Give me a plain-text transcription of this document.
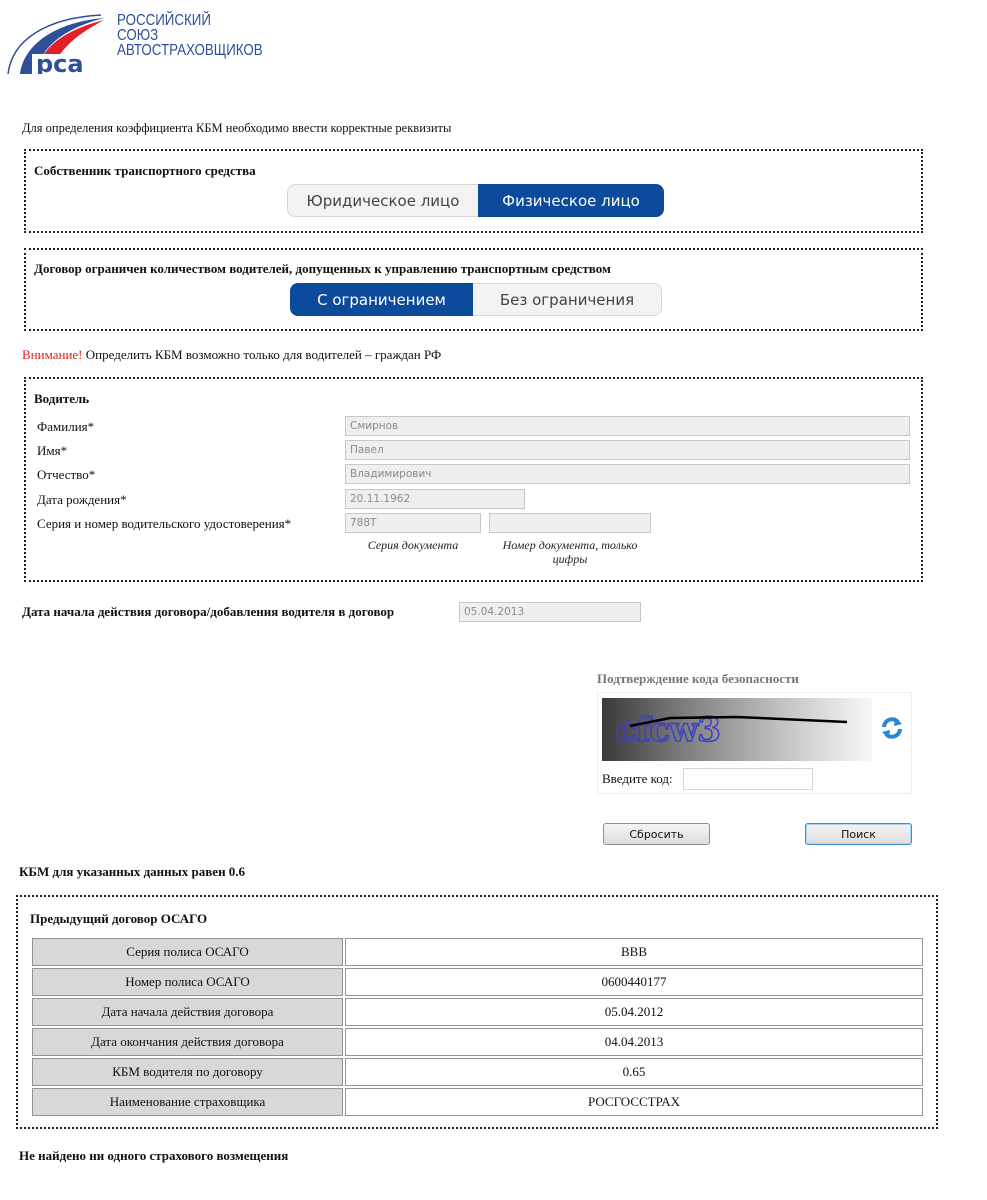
рса
РОССИЙСКИЙ
СОЮЗ
АВТОСТРАХОВЩИКОВ
Для определения коэффициента КБМ необходимо ввести корректные реквизиты
Собственник транспортного средства
Юридическое лицо	Физическое лицо
Договор ограничен количеством водителей, допущенных к управлению транспортным средством
С ограничением	Без ограничения
Внимание! Определить КБМ возможно только для водителей – граждан РФ
Водитель
Фамилия*	Смирнов
Имя*	Павел
Отчество*	Владимирович
Дата рождения*	20.11.1962
Серия и номер водительского удостоверения*	788T
Серия документа	Номер документа, только цифры
Дата начала действия договора/добавления водителя в договор	05.04.2013
Подтверждение кода безопасности
cfcw3
Введите код:
Сбросить	Поиск
КБМ для указанных данных равен 0.6
Предыдущий договор ОСАГО
Серия полиса ОСАГО	BBB
Номер полиса ОСАГО	0600440177
Дата начала действия договора	05.04.2012
Дата окончания действия договора	04.04.2013
КБМ водителя по договору	0.65
Наименование страховщика	РОСГОССТРАХ
Не найдено ни одного страхового возмещения
